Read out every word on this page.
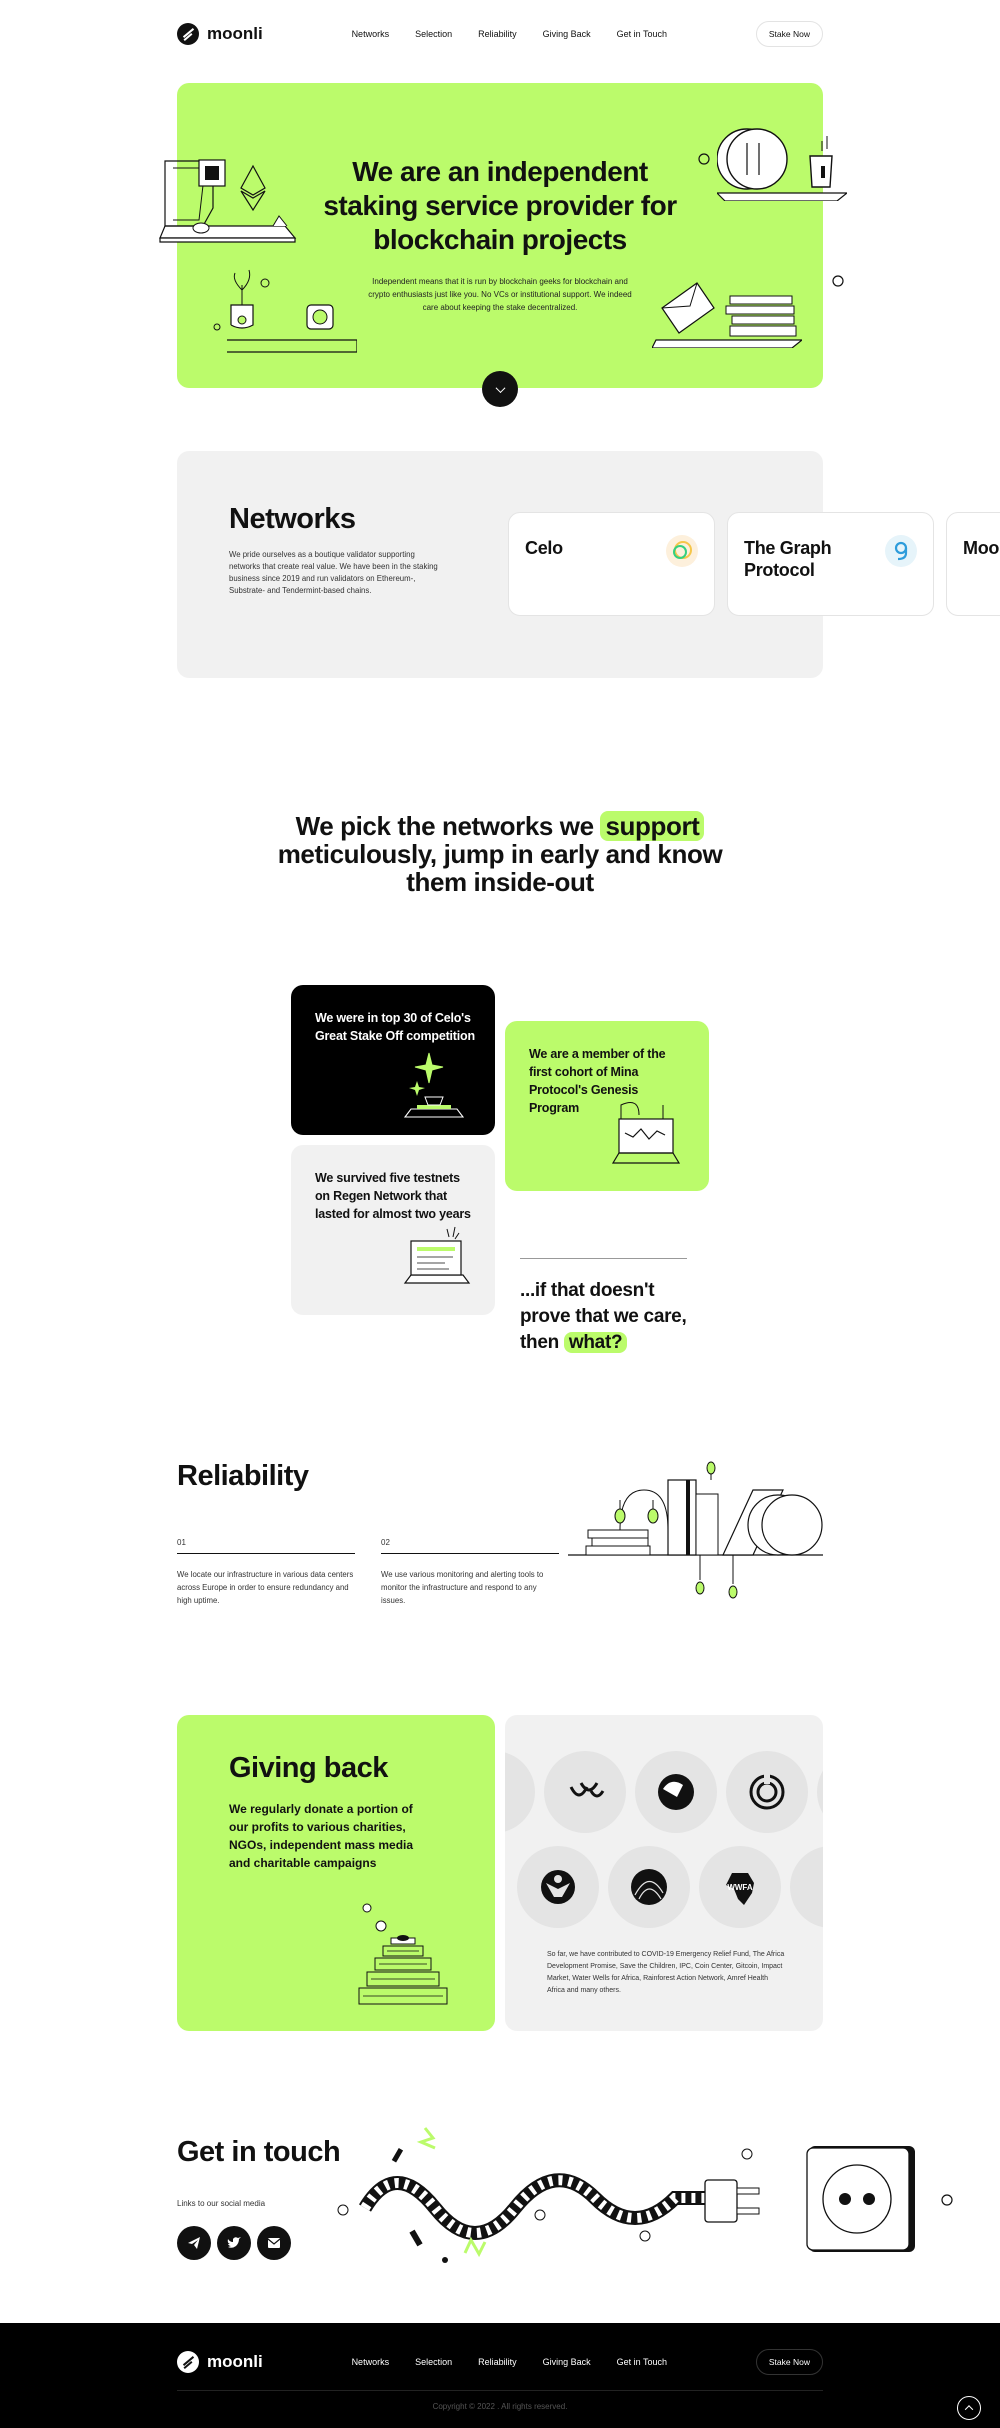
moonli	Networks	Selection	Reliability	Giving Back	Get in Touch	Stake Now
We are an independent
staking service provider for
blockchain projects
Independent means that it is run by blockchain geeks for blockchain and crypto enthusiasts just like you. No VCs or institutional support. We indeed care about keeping the stake decentralized.
Networks

We pride ourselves as a boutique validator supporting networks that create real value. We have been in the staking business since 2019 and run validators on Ethereum-, Substrate- and Tendermint-based chains.

Celo	The Graph Protocol
Moo
We pick the networks we support
meticulously, jump in early and know
them inside-out
We were in top 30 of Celo's Great Stake Off competition
We are a member of the first cohort of Mina Protocol's Genesis Program
We survived five testnets on Regen Network that lasted for almost two years
...if that doesn't
prove that we care,
then what?
Reliability
01
We locate our infrastructure in various data centers across Europe in order to ensure redundancy and high uptime.
02
We use various monitoring and alerting tools to monitor the infrastructure and respond to any issues.
Giving back

We regularly donate a portion of our profits to various charities, NGOs, independent mass media and charitable campaigns

WWFA

So far, we have contributed to COVID-19 Emergency Relief Fund, The Africa Development Promise, Save the Children, IPC, Coin Center, Gitcoin, Impact Market, Water Wells for Africa, Rainforest Action Network, Amref Health Africa and many others.

Get in touch
Links to our social media
moonli	Networks	Selection	Reliability	Giving Back	Get in Touch	Stake Now
Copyright © 2022 . All rights reserved.
